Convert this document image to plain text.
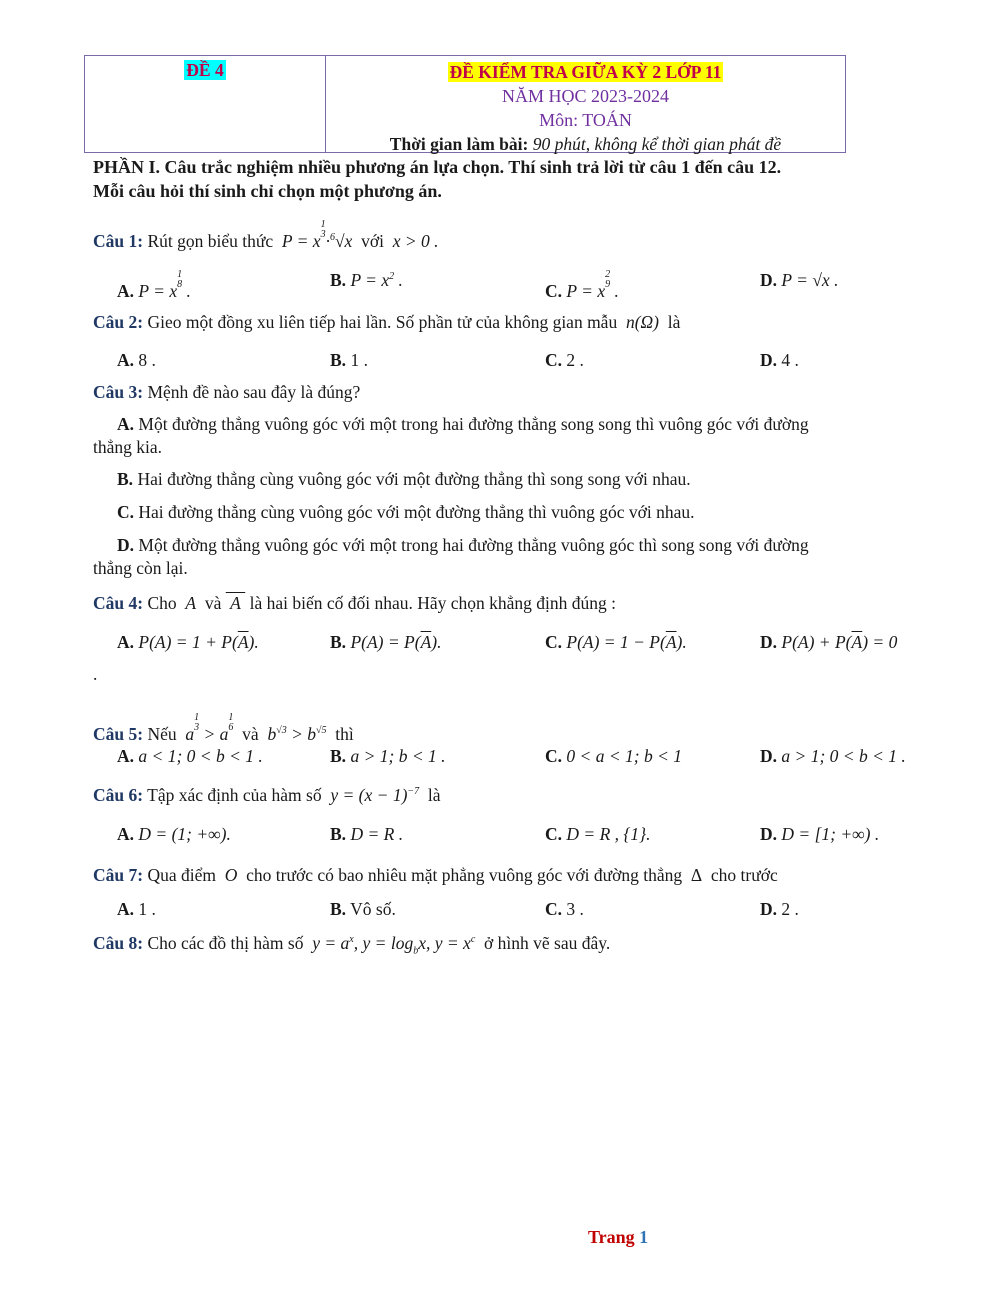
ĐỀ 4	ĐỀ KIỂM TRA GIỮA KỲ 2 LỚP 11
NĂM HỌC 2023-2024
Môn: TOÁN
Thời gian làm bài: 90 phút, không kể thời gian phát đề
PHẦN I. Câu trắc nghiệm nhiều phương án lựa chọn. Thí sinh trả lời từ câu 1 đến câu 12.
Mỗi câu hỏi thí sinh chỉ chọn một phương án.
Câu 1: Rút gọn biểu thức  $P = x^{1 3}\cdot^6√x$  với  x > 0 .
A. $P = x^{1 8}$ .
B. $P = x^2$ .
C. $P = x^{2 9}$ .
D. P = √x .
Câu 2: Gieo một đồng xu liên tiếp hai lần. Số phần tử của không gian mẫu  n(Ω)  là
A. 8 .	B. 1 .	C. 2 .	D. 4 .
Câu 3: Mệnh đề nào sau đây là đúng?
A. Một đường thẳng vuông góc với một trong hai đường thẳng song song thì vuông góc với đường
thẳng kia.
B. Hai đường thẳng cùng vuông góc với một đường thẳng thì song song với nhau.
C. Hai đường thẳng cùng vuông góc với một đường thẳng thì vuông góc với nhau.
D. Một đường thẳng vuông góc với một trong hai đường thẳng vuông góc thì song song với đường
thẳng còn lại.
Câu 4: Cho  A  và  A  là hai biến cố đối nhau. Hãy chọn khẳng định đúng :
A. $P(A) = 1 + P(\overline{A})$.	B. $P(A) = P(\overline{A})$.	C. $P(A) = 1 - P(\overline{A})$.	D. $P(A) + P(\overline{A}) = 0$
.
Câu 5: Nếu  $a^{1 3} > a^{1 6}$ và  $b^{√3} > b^{√5}$ thì
A. a < 1; 0 < b < 1 .	B. a > 1; b < 1 .	C. 0 < a < 1; b < 1	D. a > 1; 0 < b < 1 .
Câu 6: Tập xác định của hàm số  $y = (x - 1)^{-7}$ là
A. D = (1; +∞).	B. D = R .	C. D = R , {1}.	D. D = [1; +∞) .
Câu 7: Qua điểm  O  cho trước có bao nhiêu mặt phẳng vuông góc với đường thẳng  Δ  cho trước
A. 1 .	B. Vô số.	C. 3 .	D. 2 .
Câu 8: Cho các đồ thị hàm số  $y = a^x$, $y = \log_bx$, $y = x^c$ ở hình vẽ sau đây.
Trang 1
